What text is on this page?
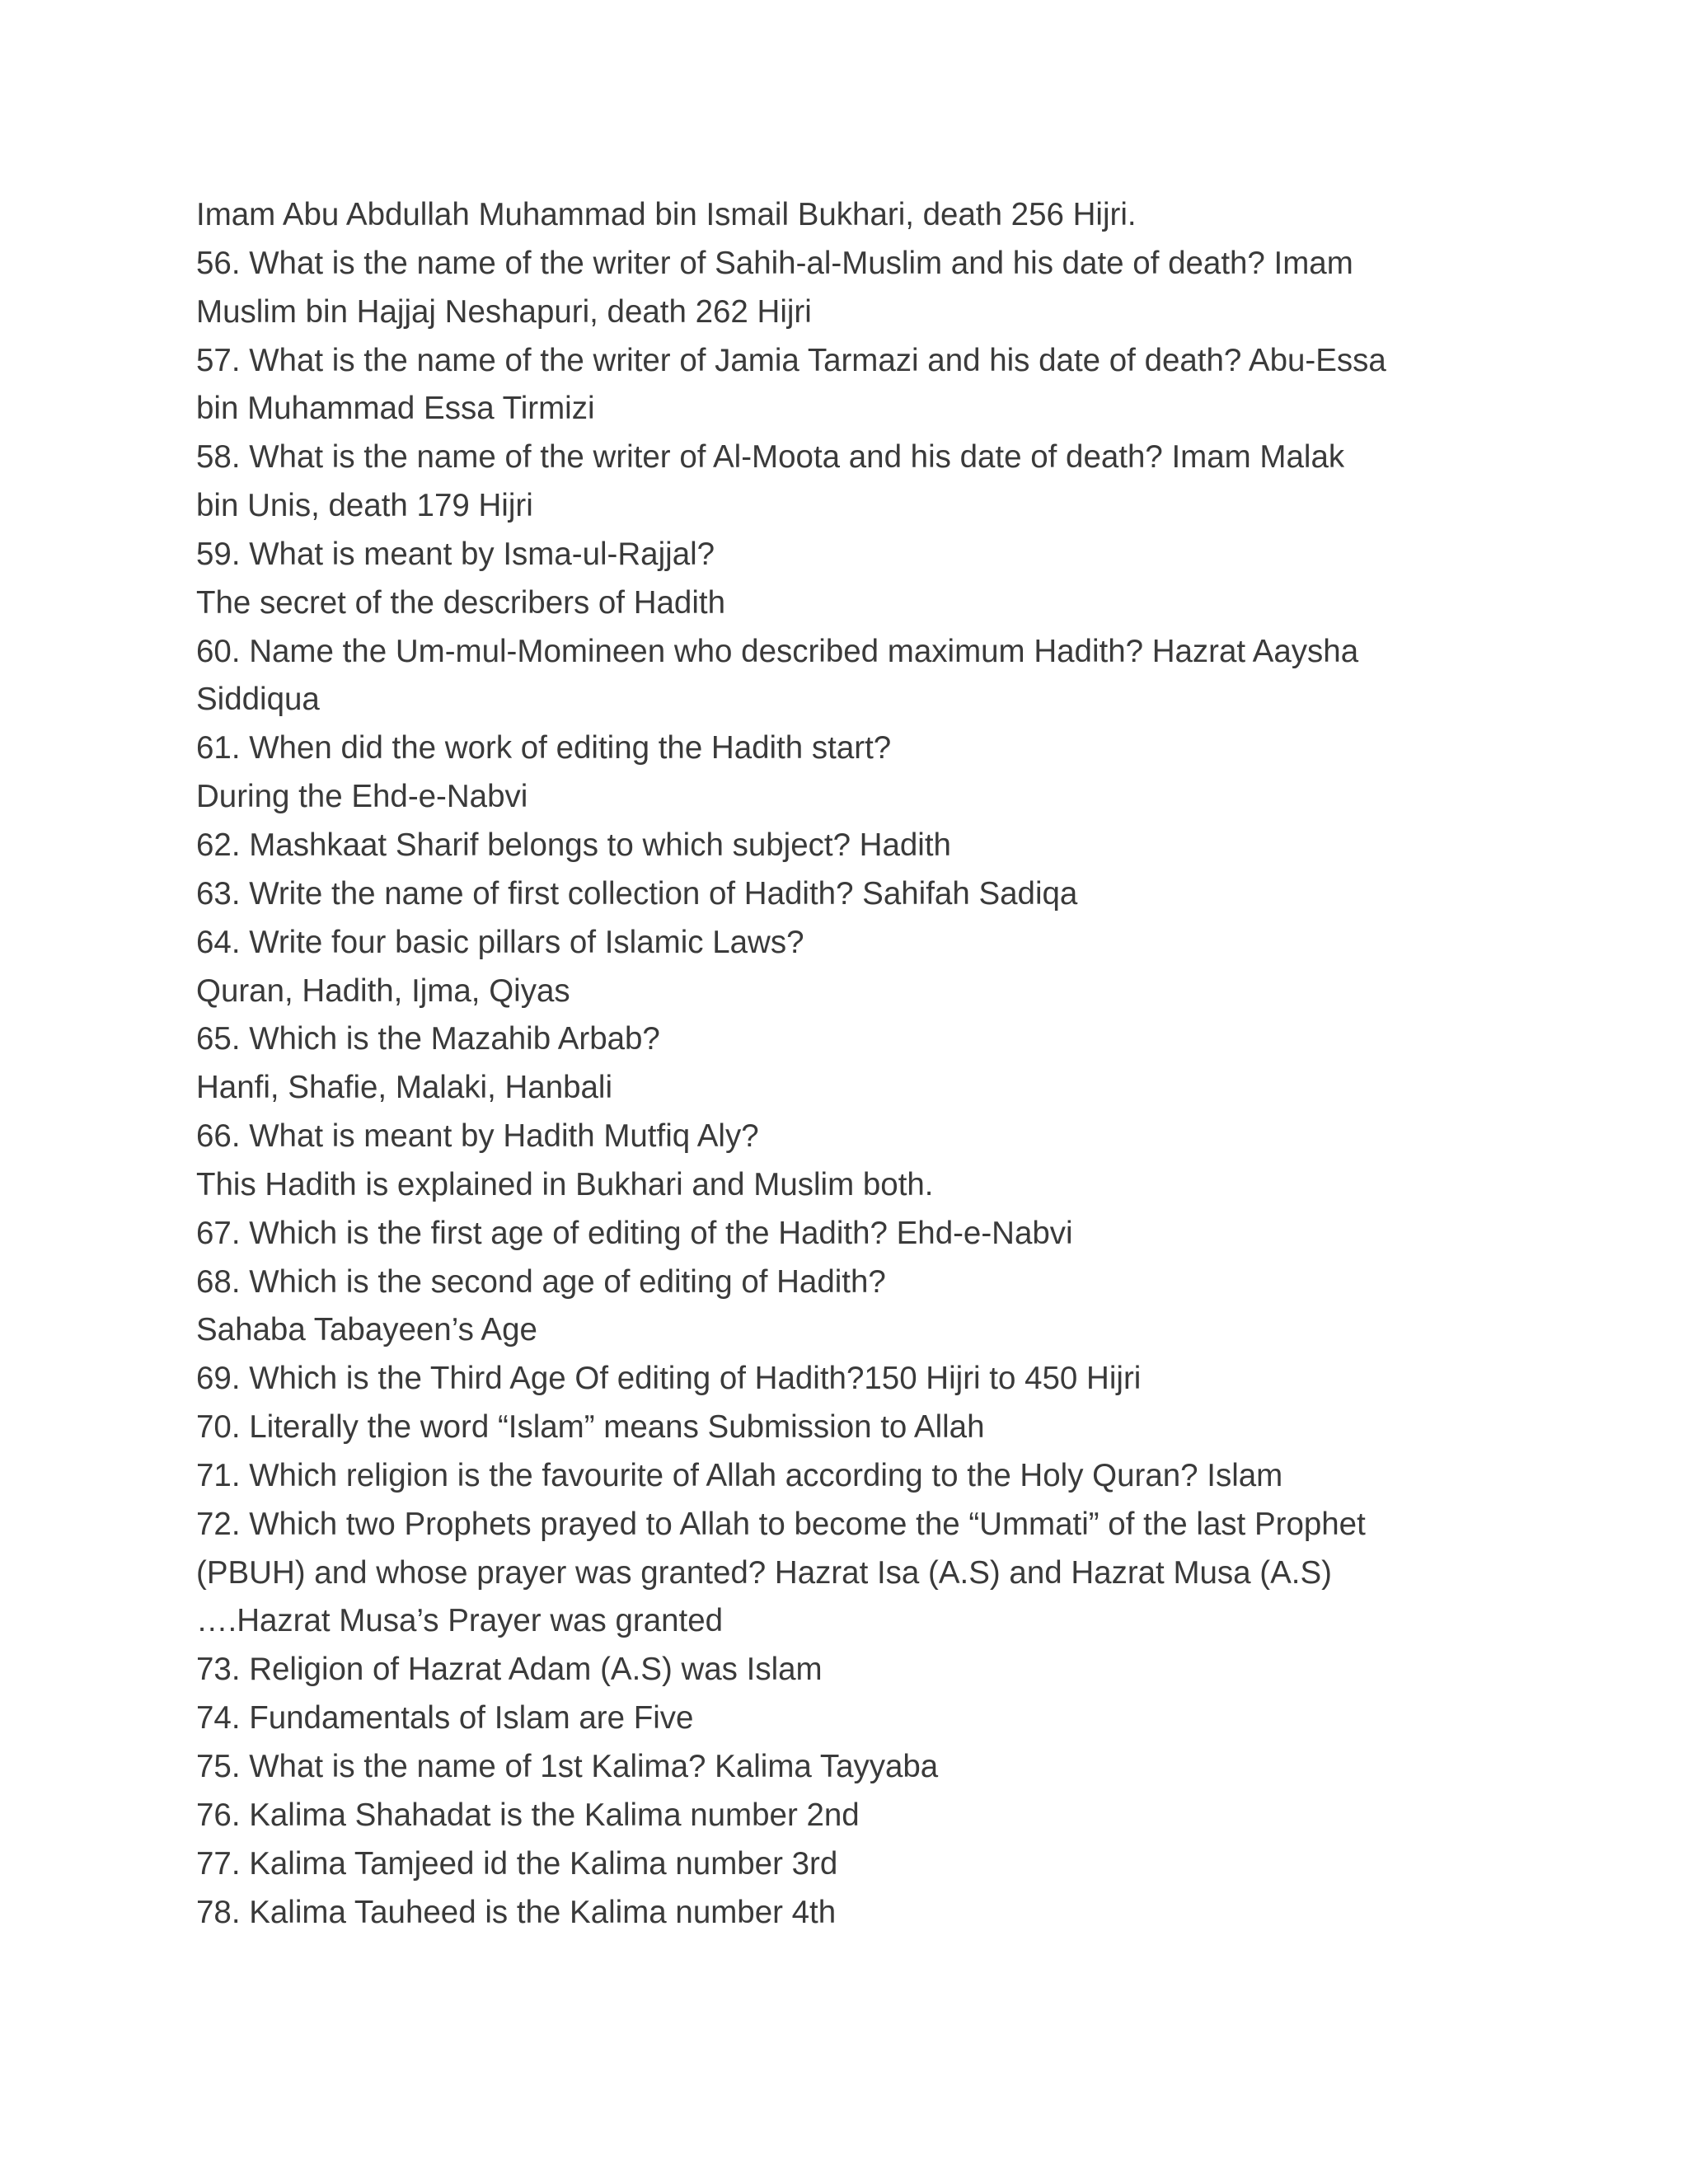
Imam Abu Abdullah Muhammad bin Ismail Bukhari, death 256 Hijri.
56. What is the name of the writer of Sahih-al-Muslim and his date of death? Imam
Muslim bin Hajjaj Neshapuri, death 262 Hijri
57. What is the name of the writer of Jamia Tarmazi and his date of death? Abu-Essa
bin Muhammad Essa Tirmizi
58. What is the name of the writer of Al-Moota and his date of death? Imam Malak
bin Unis, death 179 Hijri
59. What is meant by Isma-ul-Rajjal?
The secret of the describers of Hadith
60. Name the Um-mul-Momineen who described maximum Hadith? Hazrat Aaysha
Siddiqua
61. When did the work of editing the Hadith start?
During the Ehd-e-Nabvi
62. Mashkaat Sharif belongs to which subject? Hadith
63. Write the name of first collection of Hadith? Sahifah Sadiqa
64. Write four basic pillars of Islamic Laws?
Quran, Hadith, Ijma, Qiyas
65. Which is the Mazahib Arbab?
Hanfi, Shafie, Malaki, Hanbali
66. What is meant by Hadith Mutfiq Aly?
This Hadith is explained in Bukhari and Muslim both.
67. Which is the first age of editing of the Hadith? Ehd-e-Nabvi
68. Which is the second age of editing of Hadith?
Sahaba Tabayeen’s Age
69. Which is the Third Age Of editing of Hadith?150 Hijri to 450 Hijri
70. Literally the word “Islam” means Submission to Allah
71. Which religion is the favourite of Allah according to the Holy Quran? Islam
72. Which two Prophets prayed to Allah to become the “Ummati” of the last Prophet
(PBUH) and whose prayer was granted? Hazrat Isa (A.S) and Hazrat Musa (A.S)
….Hazrat Musa’s Prayer was granted
73. Religion of Hazrat Adam (A.S) was Islam
74. Fundamentals of Islam are Five
75. What is the name of 1st Kalima? Kalima Tayyaba
76. Kalima Shahadat is the Kalima number 2nd
77. Kalima Tamjeed id the Kalima number 3rd
78. Kalima Tauheed is the Kalima number 4th
